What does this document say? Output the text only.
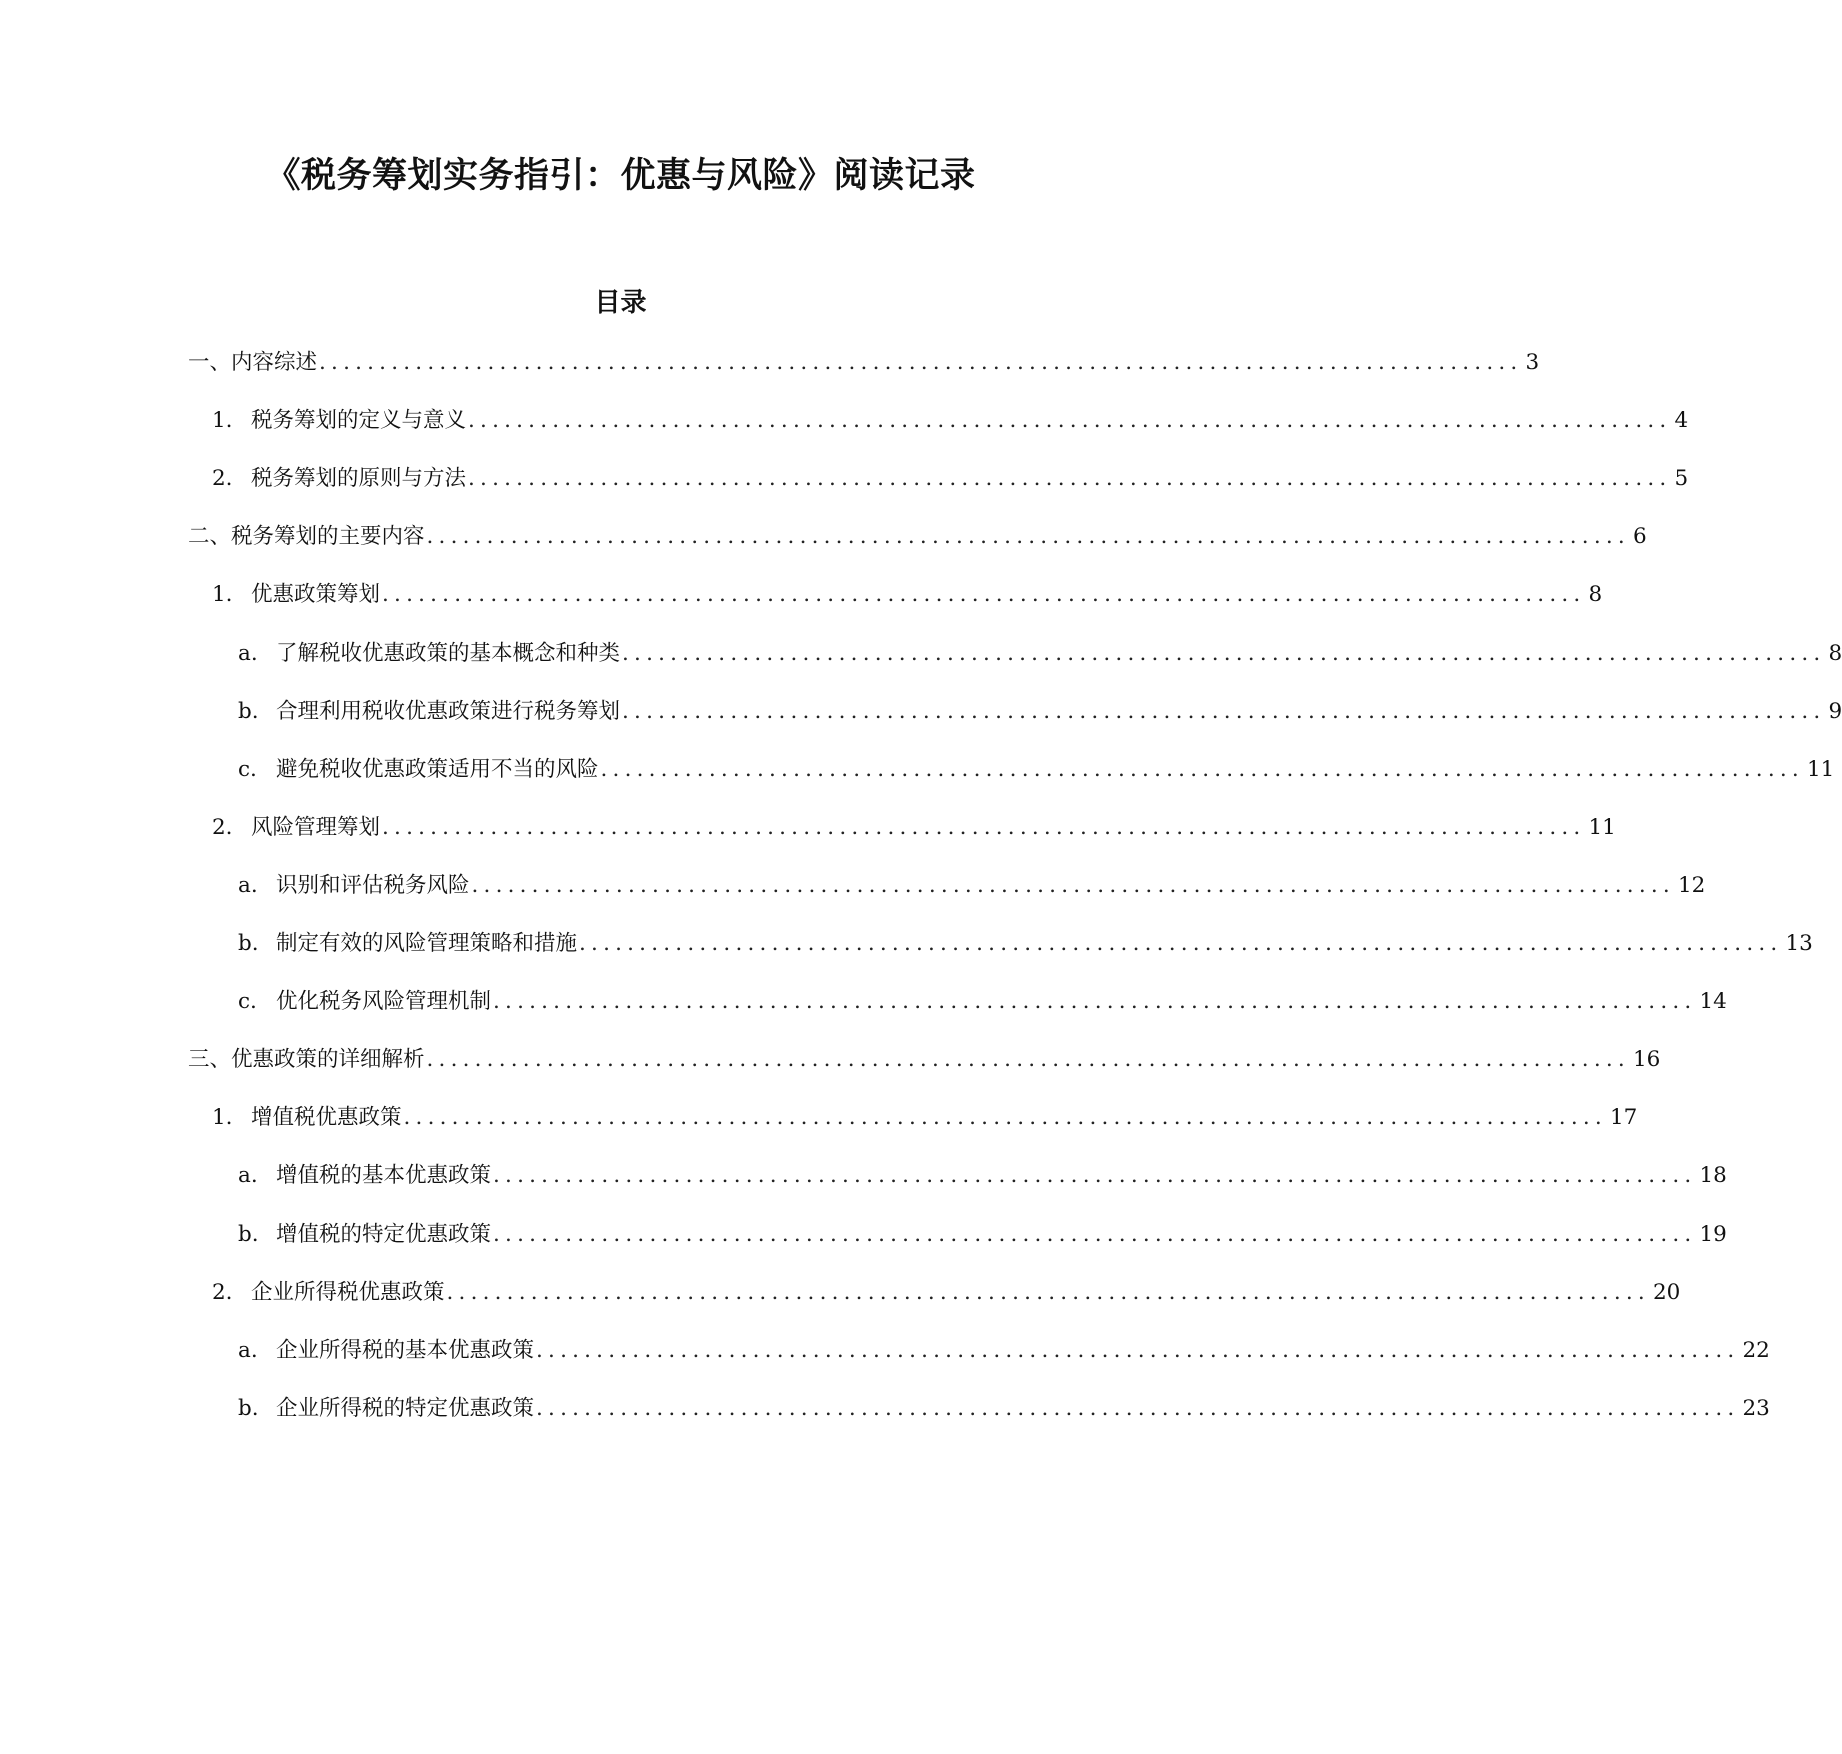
《税务筹划实务指引：优惠与风险》阅读记录
目录
一、内容综述 .................................................................................................... 3
1. 税务筹划的定义与意义 .................................................................................................... 4
2. 税务筹划的原则与方法 .................................................................................................... 5
二、税务筹划的主要内容 .................................................................................................... 6
1. 优惠政策筹划 .................................................................................................... 8
a. 了解税收优惠政策的基本概念和种类 .................................................................................................... 8
b. 合理利用税收优惠政策进行税务筹划 .................................................................................................... 9
c. 避免税收优惠政策适用不当的风险 .................................................................................................... 11
2. 风险管理筹划 .................................................................................................... 11
a. 识别和评估税务风险 .................................................................................................... 12
b. 制定有效的风险管理策略和措施 .................................................................................................... 13
c. 优化税务风险管理机制 .................................................................................................... 14
三、优惠政策的详细解析 .................................................................................................... 16
1. 增值税优惠政策 .................................................................................................... 17
a. 增值税的基本优惠政策 .................................................................................................... 18
b. 增值税的特定优惠政策 .................................................................................................... 19
2. 企业所得税优惠政策 .................................................................................................... 20
a. 企业所得税的基本优惠政策 .................................................................................................... 22
b. 企业所得税的特定优惠政策 .................................................................................................... 23
